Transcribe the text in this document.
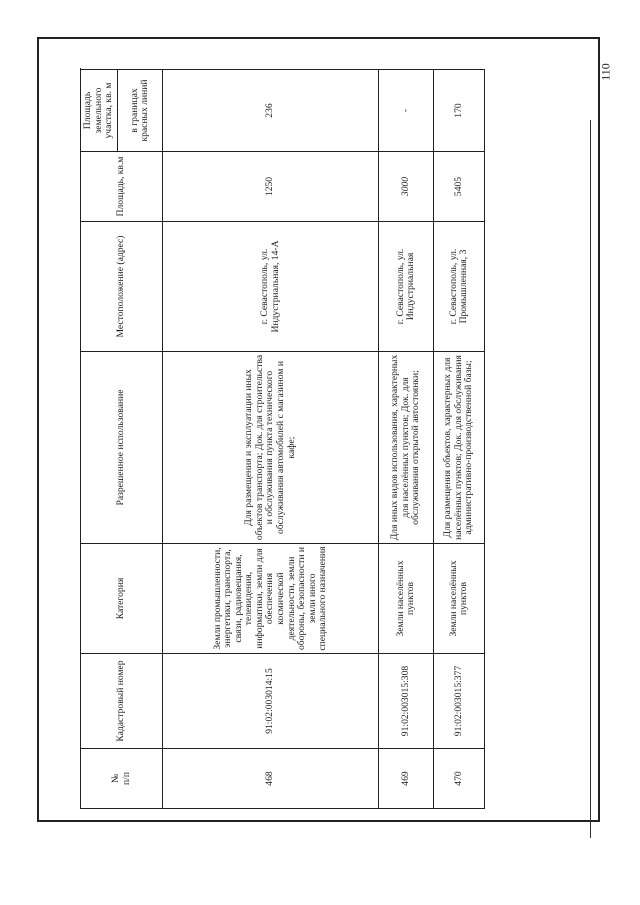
110
№
п/п	Кадастровый номер	Категория	Разрешенное использование	Местоположение (адрес)	Площадь, кв.м	Площадь земельного участка, кв. м	
						в границах красных линий	
468	91:02:003014:15	Земли промышленности, энергетики, транспорта, связи, радиовещания, телевидения, информатики, земли для обеспечения космической деятельности, земли обороны, безопасности и земли иного специального назначения	Для размещения и эксплуатации иных объектов транспорта; Док. для строительства и обслуживания пункта технического обслуживания автомобилей с магазином и кафе;	г. Севастополь, ул. Индустриальная, 14-А	1250	236	
469	91:02:003015:308	Земли населённых пунктов	Для иных видов использования, характерных для населённых пунктов; Док. для обслуживания открытой автостоянки;	г. Севастополь, ул. Индустриальная	3000	-	
470	91:02:003015:377	Земли населённых пунктов	Для размещения объектов, характерных для населённых пунктов; Док. для обслуживания административно-производственной базы;	г. Севастополь, ул. Промышленная, 3	5405	170	
